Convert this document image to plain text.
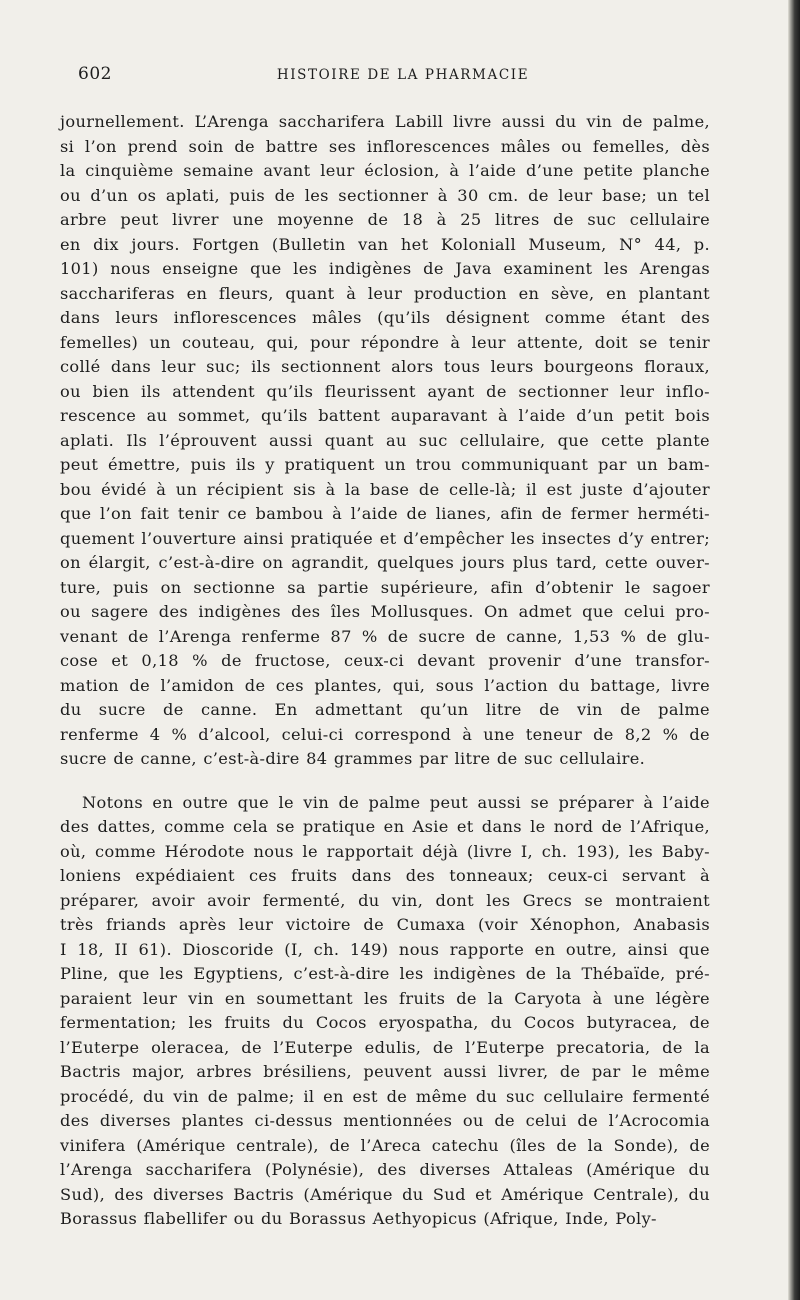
602	HISTOIRE DE LA PHARMACIE
journellement. L’Arenga saccharifera Labill livre aussi du vin de palme,
si l’on prend soin de battre ses inflorescences mâles ou femelles, dès
la cinquième semaine avant leur éclosion, à l’aide d’une petite planche
ou d’un os aplati, puis de les sectionner à 30 cm. de leur base; un tel
arbre peut livrer une moyenne de 18 à 25 litres de suc cellulaire
en dix jours. Fortgen (Bulletin van het Koloniall Museum, N° 44, p.
101) nous enseigne que les indigènes de Java examinent les Arengas
sacchariferas en fleurs, quant à leur production en sève, en plantant
dans leurs inflorescences mâles (qu’ils désignent comme étant des
femelles) un couteau, qui, pour répondre à leur attente, doit se tenir
collé dans leur suc; ils sectionnent alors tous leurs bourgeons floraux,
ou bien ils attendent qu’ils fleurissent ayant de sectionner leur inflo-
rescence au sommet, qu’ils battent auparavant à l’aide d’un petit bois
aplati. Ils l’éprouvent aussi quant au suc cellulaire, que cette plante
peut émettre, puis ils y pratiquent un trou communiquant par un bam-
bou évidé à un récipient sis à la base de celle-là; il est juste d’ajouter
que l’on fait tenir ce bambou à l’aide de lianes, afin de fermer herméti-
quement l’ouverture ainsi pratiquée et d’empêcher les insectes d’y entrer;
on élargit, c’est-à-dire on agrandit, quelques jours plus tard, cette ouver-
ture, puis on sectionne sa partie supérieure, afin d’obtenir le sagoer
ou sagere des indigènes des îles Mollusques. On admet que celui pro-
venant de l’Arenga renferme 87 % de sucre de canne, 1,53 % de glu-
cose et 0,18 % de fructose, ceux-ci devant provenir d’une transfor-
mation de l’amidon de ces plantes, qui, sous l’action du battage, livre
du sucre de canne. En admettant qu’un litre de vin de palme
renferme 4 % d’alcool, celui-ci correspond à une teneur de 8,2 % de
sucre de canne, c’est-à-dire 84 grammes par litre de suc cellulaire.
Notons en outre que le vin de palme peut aussi se préparer à l’aide
des dattes, comme cela se pratique en Asie et dans le nord de l’Afrique,
où, comme Hérodote nous le rapportait déjà (livre I, ch. 193), les Baby-
loniens expédiaient ces fruits dans des tonneaux; ceux-ci servant à
préparer, avoir avoir fermenté, du vin, dont les Grecs se montraient
très friands après leur victoire de Cumaxa (voir Xénophon, Anabasis
I 18, II 61). Dioscoride (I, ch. 149) nous rapporte en outre, ainsi que
Pline, que les Egyptiens, c’est-à-dire les indigènes de la Thébaïde, pré-
paraient leur vin en soumettant les fruits de la Caryota à une légère
fermentation; les fruits du Cocos eryospatha, du Cocos butyracea, de
l’Euterpe oleracea, de l’Euterpe edulis, de l’Euterpe precatoria, de la
Bactris major, arbres brésiliens, peuvent aussi livrer, de par le même
procédé, du vin de palme; il en est de même du suc cellulaire fermenté
des diverses plantes ci-dessus mentionnées ou de celui de l’Acrocomia
vinifera (Amérique centrale), de l’Areca catechu (îles de la Sonde), de
l’Arenga saccharifera (Polynésie), des diverses Attaleas (Amérique du
Sud), des diverses Bactris (Amérique du Sud et Amérique Centrale), du
Borassus flabellifer ou du Borassus Aethyopicus (Afrique, Inde, Poly-
